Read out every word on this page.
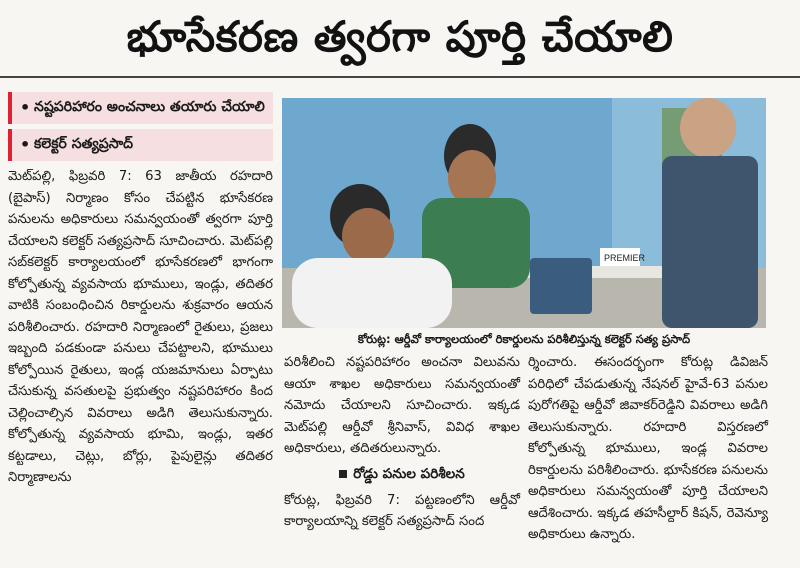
భూసేకరణ త్వరగా పూర్తి చేయాలి
• నష్టపరిహారం అంచనాలు తయారు చేయాలి
• కలెక్టర్ సత్యప్రసాద్

మెట్‌పల్లి, ఫిబ్రవరి 7: 63 జాతీయ రహదారి (బైపాస్) నిర్మాణం కోసం చేపట్టిన భూసేకరణ పనులను అధికారులు సమన్వయంతో త్వరగా పూర్తి చేయాలని కలెక్టర్ సత్యప్రసాద్ సూచించారు. మెట్‌పల్లి సబ్‌కలెక్టర్ కార్యాలయంలో భూసేకరణలో భాగంగా కోల్పోతున్న వ్యవసాయ భూములు, ఇండ్లు, తదితర వాటికి సంబంధించిన రికార్డులను శుక్రవారం ఆయన పరిశీలించారు. రహదారి నిర్మాణంలో రైతులు, ప్రజలు ఇబ్బంది పడకుండా పనులు చేపట్టాలని, భూములు కోల్పోయిన రైతులు, ఇండ్ల యజమానులు ఏర్పాటు చేసుకున్న వసతులపై ప్రభుత్వం నష్టపరిహారం కింద చెల్లించాల్సిన వివరాలు అడిగి తెలుసుకున్నారు. కోల్పోతున్న వ్యవసాయ భూమి, ఇండ్లు, ఇతర కట్టడాలు, చెట్లు, బోర్లు, పైపులైన్లు తదితర నిర్మాణాలను

PREMIER
కోరుట్ల: ఆర్డీవో కార్యాలయంలో రికార్డులను పరిశీలిస్తున్న కలెక్టర్ సత్య ప్రసాద్

పరిశీలించి నష్టపరిహారం అంచనా విలువను ఆయా శాఖల అధికారులు సమన్వయంతో నమోదు చేయాలని సూచించారు. ఇక్కడ మెట్‌పల్లి ఆర్డీవో శ్రీనివాస్, వివిధ శాఖల అధికారులు, తదితరులున్నారు.

రోడ్డు పనుల పరిశీలన

కోరుట్ల, ఫిబ్రవరి 7: పట్టణంలోని ఆర్డీవో కార్యాలయాన్ని కలెక్టర్ సత్యప్రసాద్ సంద

ర్శించారు. ఈసందర్భంగా కోరుట్ల డివిజన్ పరిధిలో చేపడుతున్న నేషనల్ హైవే-63 పనుల పురోగతిపై ఆర్డీవో జివాకర్‌రెడ్డిని వివరాలు అడిగి తెలుసుకున్నారు. రహదారి విస్తరణలో కోల్పోతున్న భూములు, ఇండ్ల వివరాల రికార్డులను పరిశీలించారు. భూసేకరణ పనులను అధికారులు సమన్వయంతో పూర్తి చేయాలని ఆదేశించారు. ఇక్కడ తహసీల్దార్ కిషన్, రెవెన్యూ అధికారులు ఉన్నారు.
